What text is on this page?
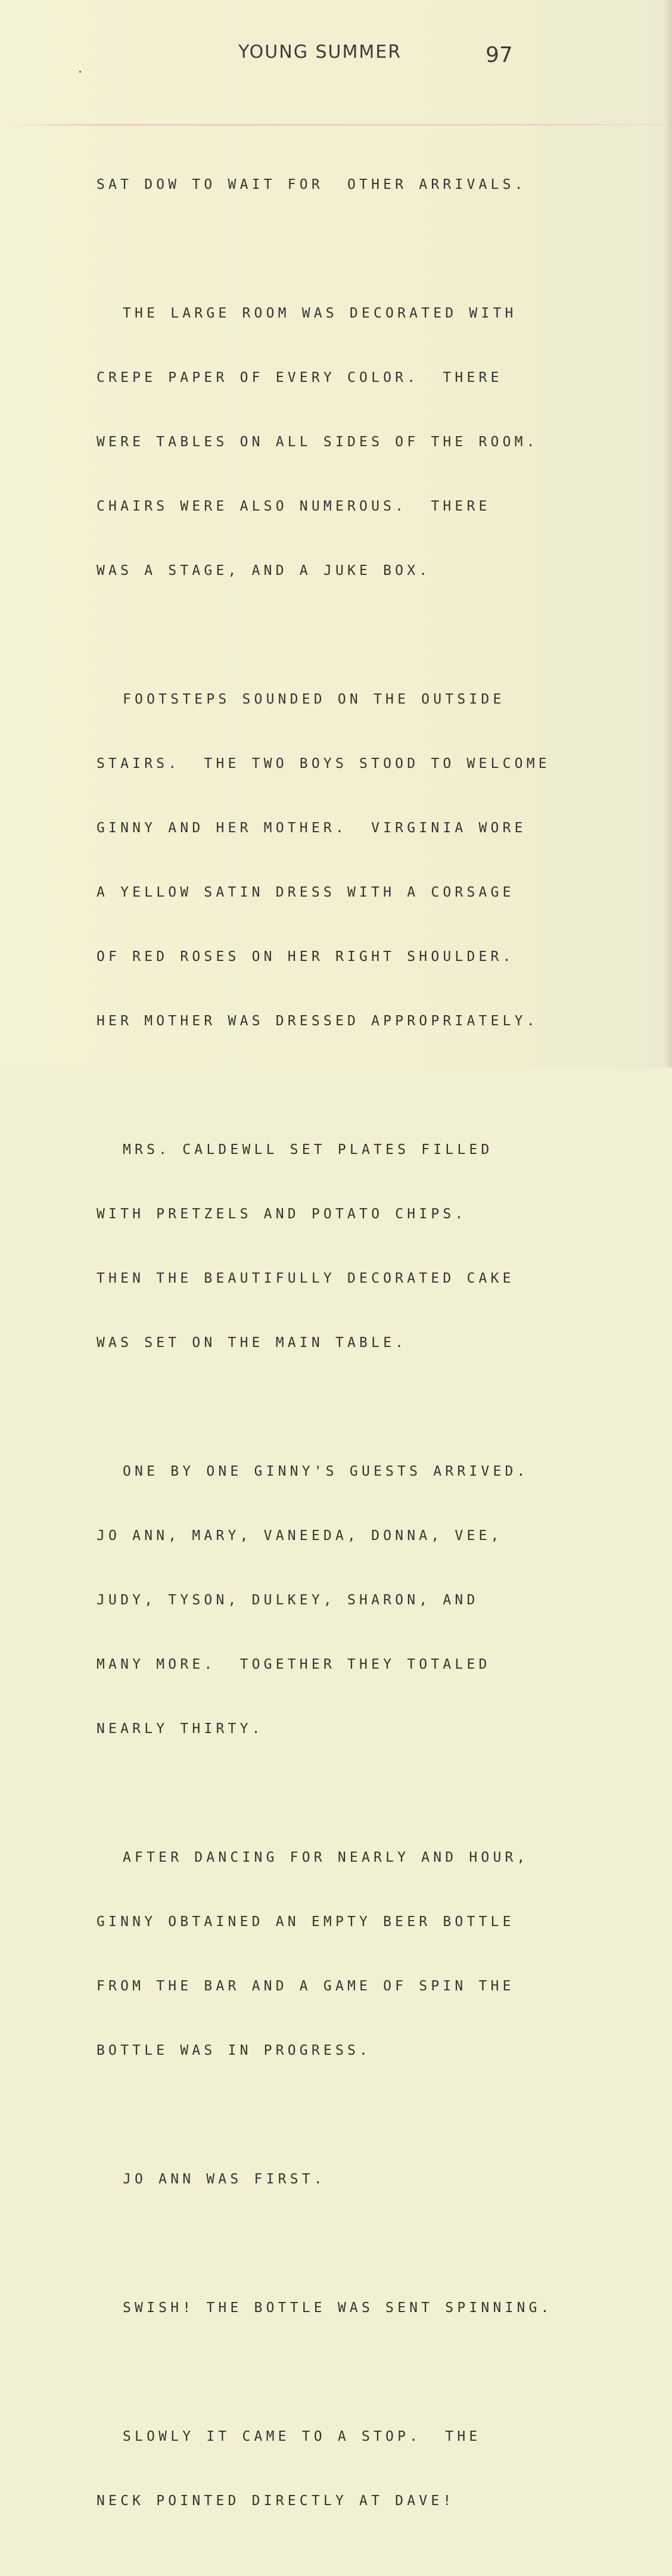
YOUNG SUMMER	97

SAT DOW TO WAIT FOR  OTHER ARRIVALS.

THE LARGE ROOM WAS DECORATED WITH

CREPE PAPER OF EVERY COLOR.  THERE

WERE TABLES ON ALL SIDES OF THE ROOM.

CHAIRS WERE ALSO NUMEROUS.  THERE

WAS A STAGE, AND A JUKE BOX.

FOOTSTEPS SOUNDED ON THE OUTSIDE

STAIRS.  THE TWO BOYS STOOD TO WELCOME

GINNY AND HER MOTHER.  VIRGINIA WORE

A YELLOW SATIN DRESS WITH A CORSAGE

OF RED ROSES ON HER RIGHT SHOULDER.

HER MOTHER WAS DRESSED APPROPRIATELY.

MRS. CALDEWLL SET PLATES FILLED

WITH PRETZELS AND POTATO CHIPS.

THEN THE BEAUTIFULLY DECORATED CAKE

WAS SET ON THE MAIN TABLE.

ONE BY ONE GINNY'S GUESTS ARRIVED.

JO ANN, MARY, VANEEDA, DONNA, VEE,

JUDY, TYSON, DULKEY, SHARON, AND

MANY MORE.  TOGETHER THEY TOTALED

NEARLY THIRTY.

AFTER DANCING FOR NEARLY AND HOUR,

GINNY OBTAINED AN EMPTY BEER BOTTLE

FROM THE BAR AND A GAME OF SPIN THE

BOTTLE WAS IN PROGRESS.

JO ANN WAS FIRST.

SWISH! THE BOTTLE WAS SENT SPINNING.

SLOWLY IT CAME TO A STOP.  THE

NECK POINTED DIRECTLY AT DAVE!
